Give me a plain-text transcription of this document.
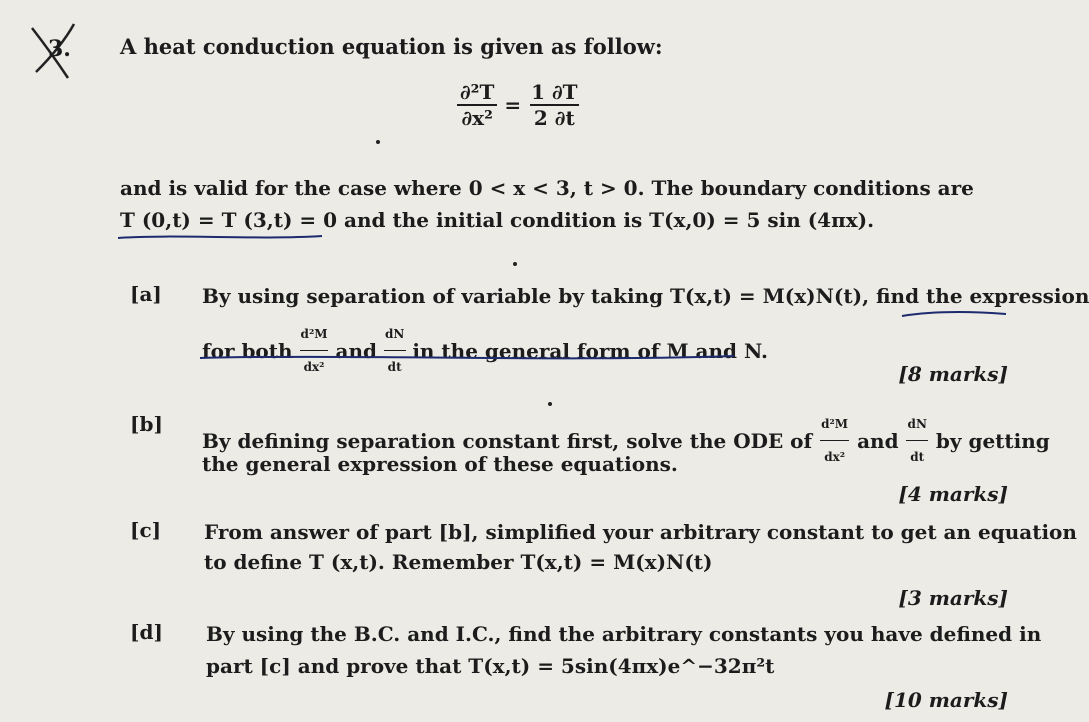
3. A heat conduction equation is given as follow:
$\frac{\text{∂²T}}{\text{∂x²}} = \frac{1 \partial T}{2 \partial t}$
and is valid for the case where 0 < x < 3, t > 0. The boundary conditions are
T (0,t) = T (3,t) = 0 and the initial condition is T(x,0) = 5 sin (4πx).
[a] By using separation of variable by taking T(x,t) = M(x)N(t), find the expression
for both $\frac{\text{d²M}}{\text{dx²}}$ and $\frac{dN}{dt}$ in the general form of M and N.
[8 marks]
[b]
By defining separation constant first, solve the ODE of $\frac{\text{d²M}}{\text{dx²}}$ and $\frac{dN}{dt}$ by getting
the general expression of these equations.
[4 marks]
[c] From answer of part [b], simplified your arbitrary constant to get an equation
to define T (x,t). Remember T(x,t) = M(x)N(t)
[3 marks]
[d] By using the B.C. and I.C., find the arbitrary constants you have defined in
part [c] and prove that T(x,t) = 5sin(4πx)e^−32π²t
[10 marks]
